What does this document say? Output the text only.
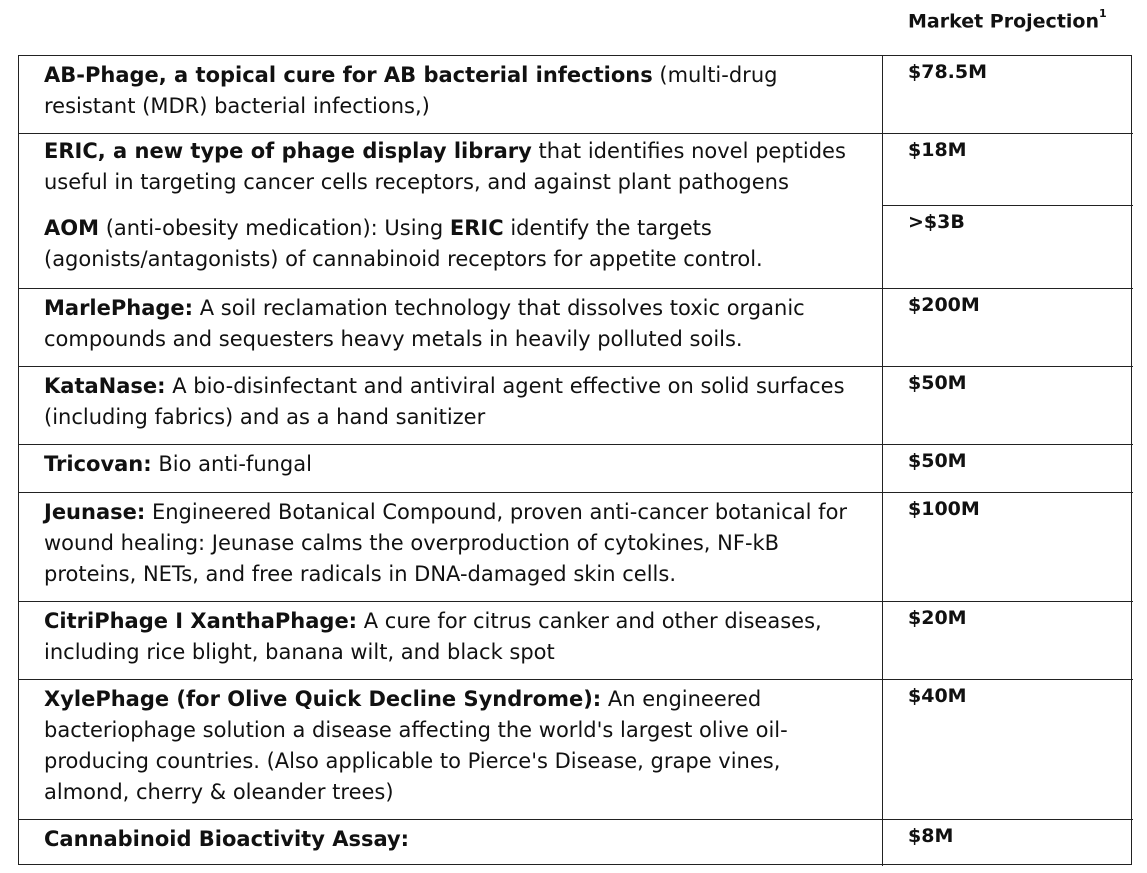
Market Projection$^1$
AB-Phage, a topical cure for AB bacterial infections (multi-drug resistant (MDR) bacterial infections,)
$78.5M
ERIC, a new type of phage display library that identifies novel peptides useful in targeting cancer cells receptors, and against plant pathogens
AOM (anti-obesity medication): Using ERIC identify the targets (agonists/antagonists) of cannabinoid receptors for appetite control.
$18M
>$3B
MarlePhage: A soil reclamation technology that dissolves toxic organic compounds and sequesters heavy metals in heavily polluted soils.
$200M
KataNase: A bio-disinfectant and antiviral agent effective on solid surfaces (including fabrics) and as a hand sanitizer
$50M
Tricovan: Bio anti-fungal	$50M
Jeunase: Engineered Botanical Compound, proven anti-cancer botanical for wound healing: Jeunase calms the overproduction of cytokines, NF-kB proteins, NETs, and free radicals in DNA-damaged skin cells.
$100M
CitriPhage I XanthaPhage: A cure for citrus canker and other diseases, including rice blight, banana wilt, and black spot
$20M
XylePhage (for Olive Quick Decline Syndrome): An engineered bacteriophage solution a disease affecting the world's largest olive oil-producing countries. (Also applicable to Pierce's Disease, grape vines, almond, cherry & oleander trees)
$40M
Cannabinoid Bioactivity Assay:	$8M
